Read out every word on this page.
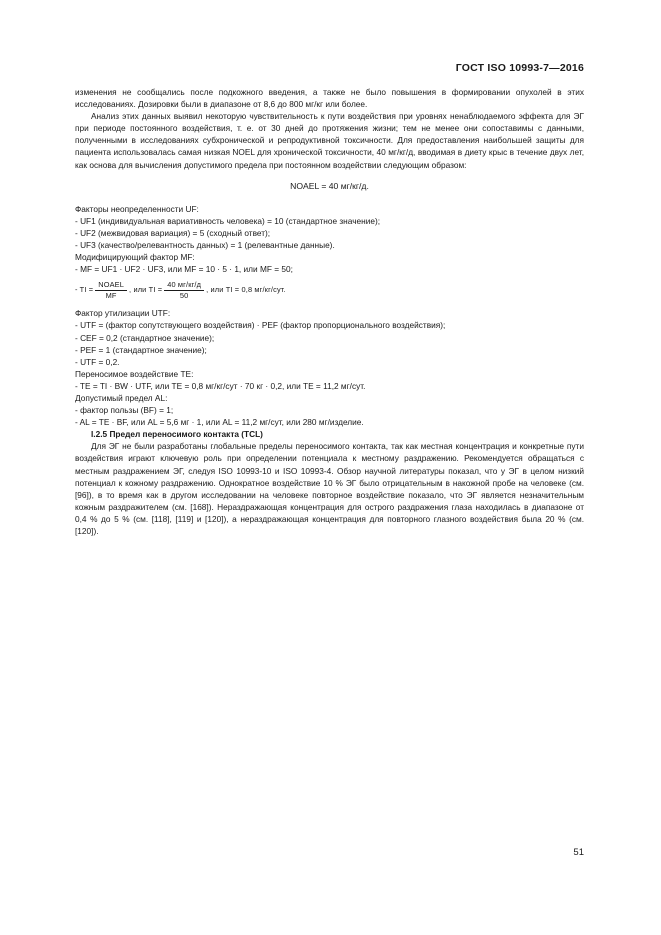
ГОСТ ISO 10993-7—2016

изменения не сообщались после подкожного введения, а также не было повышения в формировании опухолей в этих исследованиях. Дозировки были в диапазоне от 8,6 до 800 мг/кг или более.

Анализ этих данных выявил некоторую чувствительность к пути воздействия при уровнях ненаблюдаемого эффекта для ЭГ при периоде постоянного воздействия, т. е. от 30 дней до протяжения жизни; тем не менее они сопоставимы с данными, полученными в исследованиях субхронической и репродуктивной токсичности. Для предоставления наибольшей защиты для пациента использовалась самая низкая NOEL для хронической токсичности, 40 мг/кг/д, вводимая в диету крыс в течение двух лет, как основа для вычисления допустимого предела при постоянном воздействии следующим образом:

NOAEL = 40 мг/кг/д.

Факторы неопределенности UF:

- UF1 (индивидуальная вариативность человека) = 10 (стандартное значение);

- UF2 (межвидовая вариация) = 5 (сходный ответ);

- UF3 (качество/релевантность данных) = 1 (релевантные данные).

Модифицирующий фактор MF:

- MF = UF1 · UF2 · UF3, или MF = 10 · 5 · 1, или MF = 50;

- TI = $\frac{\text{NOAEL}}{MF}$ , или TI = $\frac{40 мг/кг/д}{50}$ , или TI = 0,8 мг/кг/сут.

Фактор утилизации UTF:

- UTF = (фактор сопутствующего воздействия) · PEF (фактор пропорционального воздействия);

- CEF = 0,2 (стандартное значение);

- PEF = 1 (стандартное значение);

- UTF = 0,2.

Переносимое воздействие TE:

- TE = TI · BW · UTF, или TE = 0,8 мг/кг/сут · 70 кг · 0,2, или TE = 11,2 мг/сут.

Допустимый предел AL:

- фактор пользы (BF) = 1;

- AL = TE · BF, или AL = 5,6 мг · 1, или AL = 11,2 мг/сут, или 280 мг/изделие.

I.2.5 Предел переносимого контакта (TCL)

Для ЭГ не были разработаны глобальные пределы переносимого контакта, так как местная концентрация и конкретные пути воздействия играют ключевую роль при определении потенциала к местному раздражению. Рекомендуется обращаться с местным раздражением ЭГ, следуя ISO 10993-10 и ISO 10993-4. Обзор научной литературы показал, что у ЭГ в целом низкий потенциал к кожному раздражению. Однократное воздействие 10 % ЭГ было отрицательным в накожной пробе на человеке (см. [96]), в то время как в другом исследовании на человеке повторное воздействие показало, что ЭГ является незначительным кожным раздражителем (см. [168]). Нераздражающая концентрация для острого раздражения глаза находилась в диапазоне от 0,4 % до 5 % (см. [118], [119] и [120]), а нераздражающая концентрация для повторного глазного воздействия была 20 % (см. [120]).

51
